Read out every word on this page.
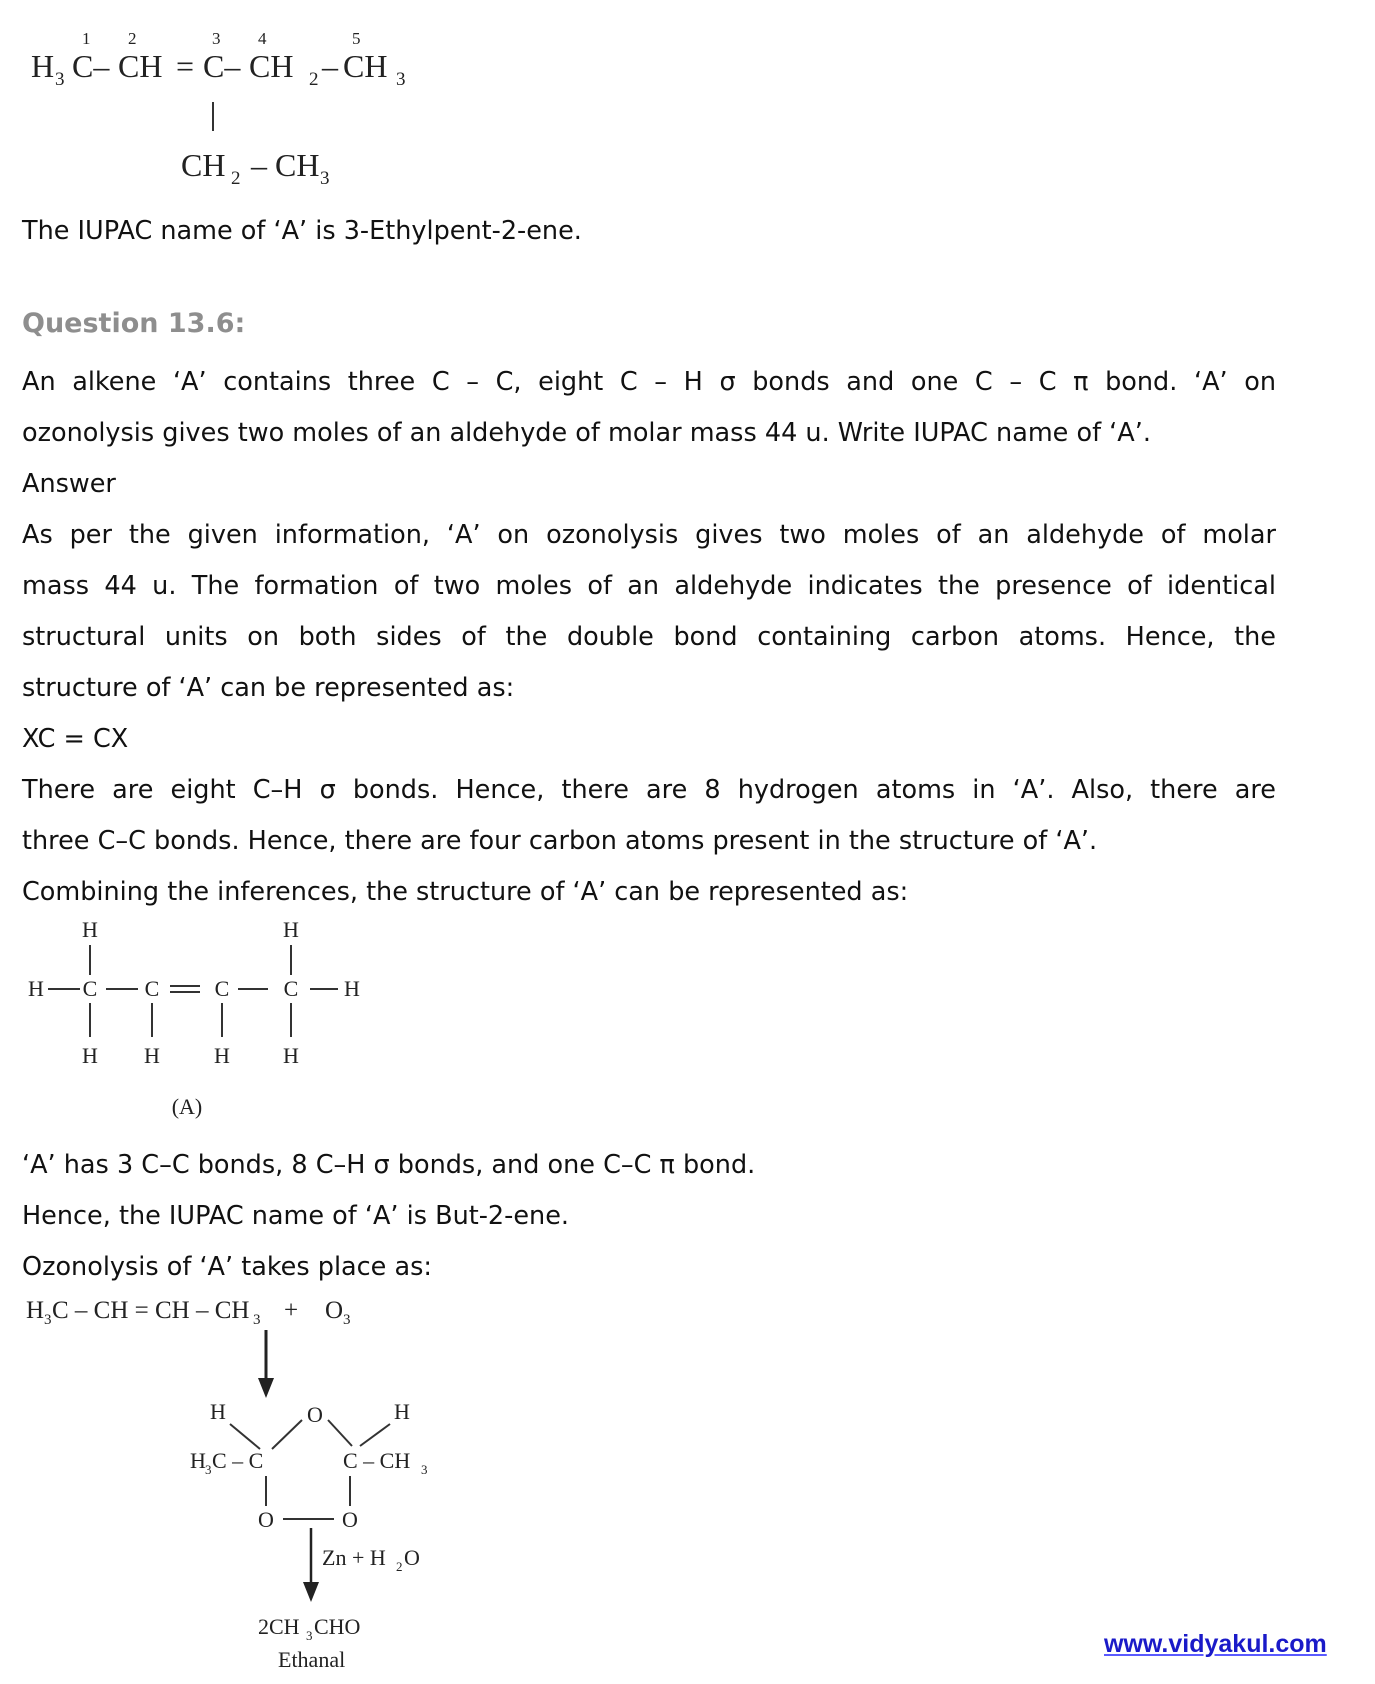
1 2	3 4	5
H 3 C– CH = C– CH 2 – CH 3
CH 2 – CH 3

The IUPAC name of ‘A’ is 3-Ethylpent-2-ene.

Question 13.6:

An alkene ‘A’ contains three C – C, eight C – H σ bonds and one C – C π bond. ‘A’ on

ozonolysis gives two moles of an aldehyde of molar mass 44 u. Write IUPAC name of ‘A’.

Answer

As per the given information, ‘A’ on ozonolysis gives two moles of an aldehyde of molar

mass 44 u. The formation of two moles of an aldehyde indicates the presence of identical

structural units on both sides of the double bond containing carbon atoms. Hence, the

structure of ‘A’ can be represented as:

XC = CX

There are eight C–H σ bonds. Hence, there are 8 hydrogen atoms in ‘A’. Also, there are

three C–C bonds. Hence, there are four carbon atoms present in the structure of ‘A’.

Combining the inferences, the structure of ‘A’ can be represented as:

H	H
H C C	C C H
H H H H
(A)

‘A’ has 3 C–C bonds, 8 C–H σ bonds, and one C–C π bond.

Hence, the IUPAC name of ‘A’ is But-2-ene.

Ozonolysis of ‘A’ takes place as:

H 3 C – CH = CH – CH 3 + O 3
H	O	H
O	O
H 3 C – C	C – CH 3
Zn + H 2 O
2CH 3 CHO
Ethanal
www.vidyakul.com
